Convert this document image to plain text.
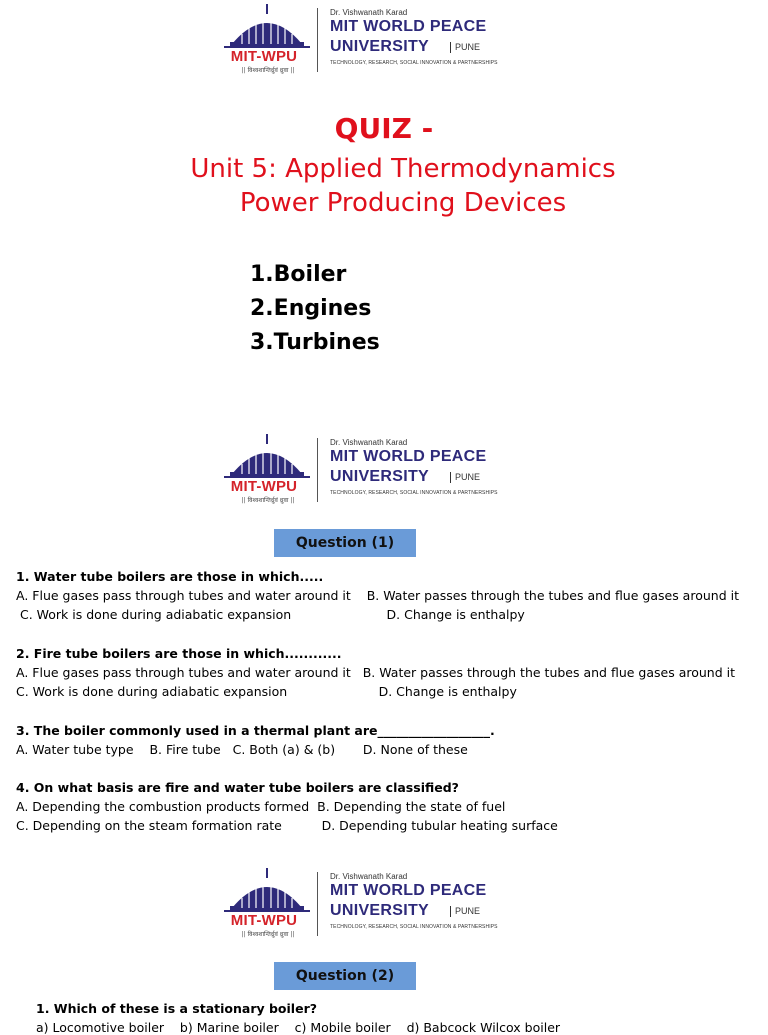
MIT-WPU
|| विश्वशान्तिर्ध्रुवं ध्रुवा ||
Dr. Vishwanath Karad
MIT WORLD PEACE
UNIVERSITY	PUNE
TECHNOLOGY, RESEARCH, SOCIAL INNOVATION & PARTNERSHIPS
QUIZ -
Unit 5: Applied Thermodynamics
Power Producing Devices
1.Boiler
2.Engines
3.Turbines
MIT-WPU
|| विश्वशान्तिर्ध्रुवं ध्रुवा ||
Dr. Vishwanath Karad
MIT WORLD PEACE
UNIVERSITY	PUNE
TECHNOLOGY, RESEARCH, SOCIAL INNOVATION & PARTNERSHIPS
Question (1)
1. Water tube boilers are those in which.....
A. Flue gases pass through tubes and water around it    B. Water passes through the tubes and flue gases around it
C. Work is done during adiabatic expansion                        D. Change is enthalpy
2. Fire tube boilers are those in which............
A. Flue gases pass through tubes and water around it   B. Water passes through the tubes and flue gases around it
C. Work is done during adiabatic expansion                       D. Change is enthalpy
3. The boiler commonly used in a thermal plant are__________________.
A. Water tube type    B. Fire tube   C. Both (a) & (b)       D. None of these
4. On what basis are fire and water tube boilers are classified?
A. Depending the combustion products formed  B. Depending the state of fuel
C. Depending on the steam formation rate          D. Depending tubular heating surface
MIT-WPU
|| विश्वशान्तिर्ध्रुवं ध्रुवा ||
Dr. Vishwanath Karad
MIT WORLD PEACE
UNIVERSITY	PUNE
TECHNOLOGY, RESEARCH, SOCIAL INNOVATION & PARTNERSHIPS
Question (2)
1. Which of these is a stationary boiler?
a) Locomotive boiler    b) Marine boiler    c) Mobile boiler    d) Babcock Wilcox boiler
